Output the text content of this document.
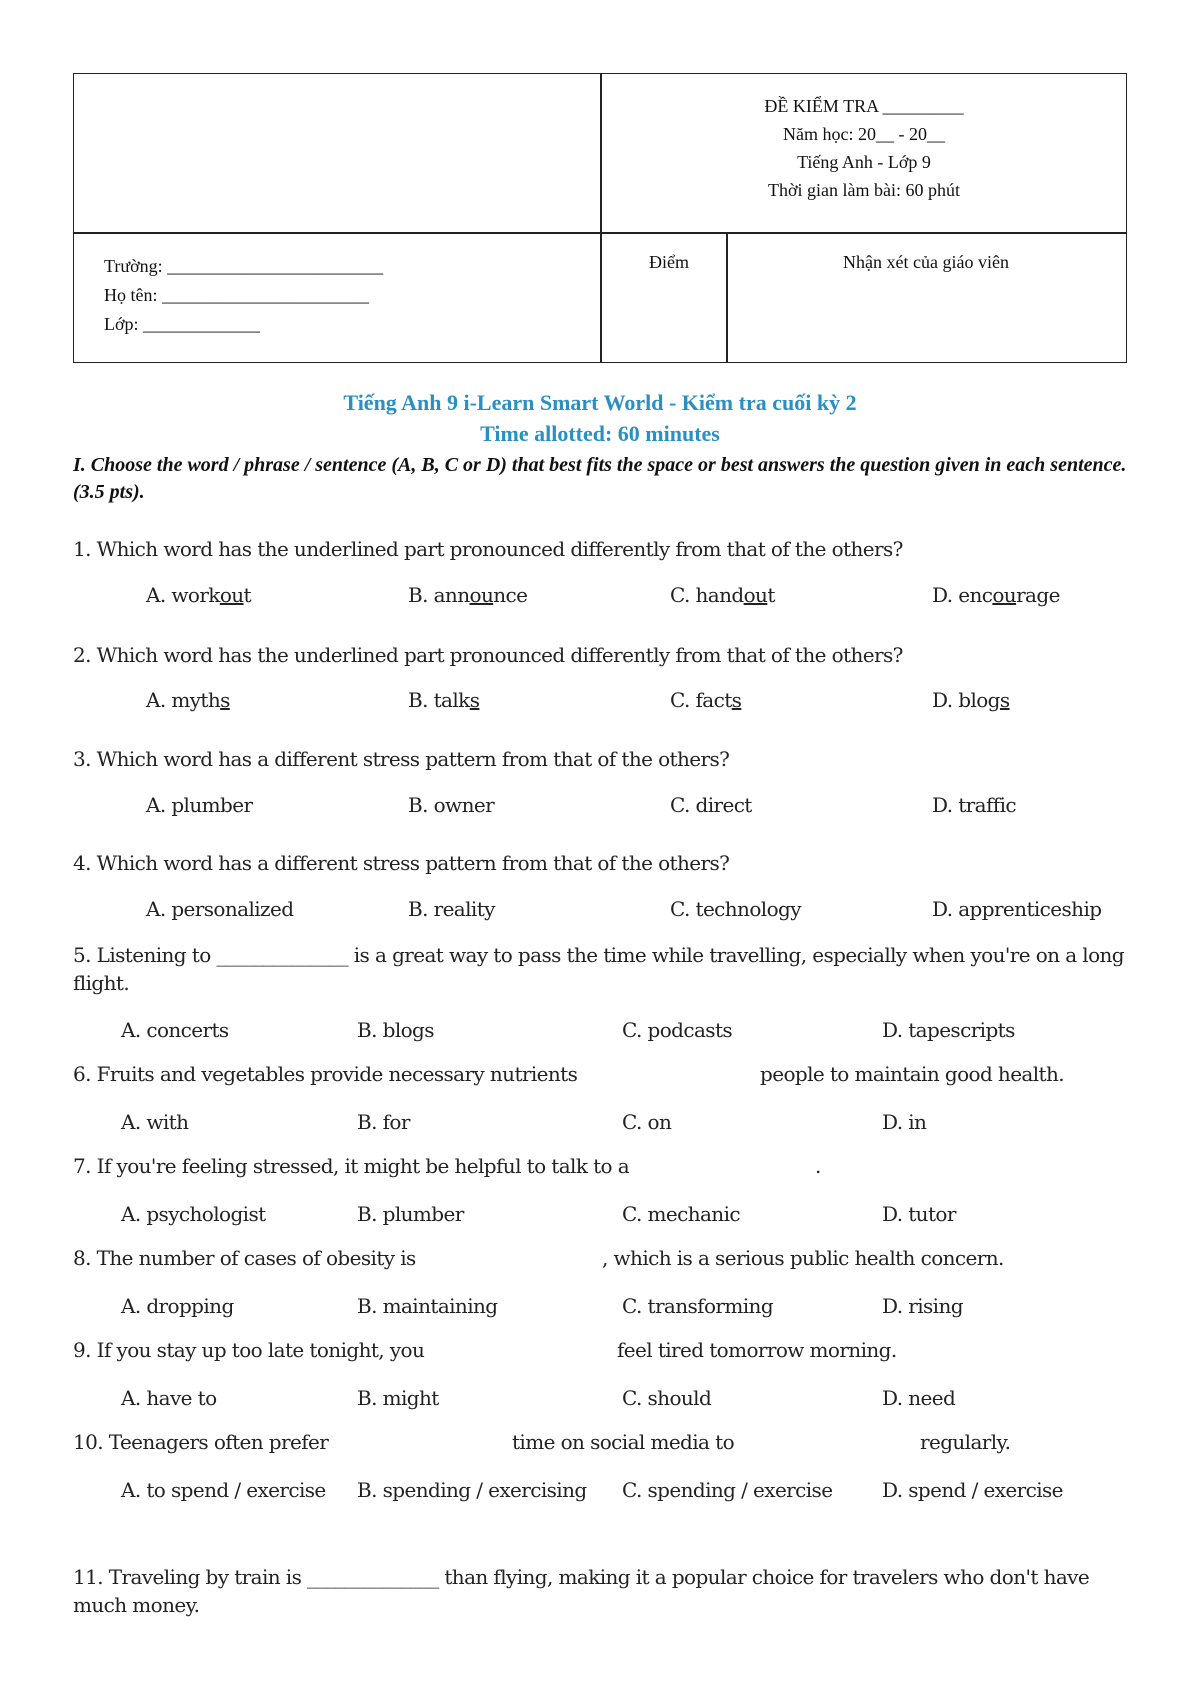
ĐỀ KIỂM TRA _________
Năm học: 20__ - 20__
Tiếng Anh - Lớp 9
Thời gian làm bài: 60 phút
Trường: ________________________
Họ tên: _______________________
Lớp: _____________
Điểm	Nhận xét của giáo viên
Tiếng Anh 9 i-Learn Smart World - Kiểm tra cuối kỳ 2
Time allotted: 60 minutes
I. Choose the word / phrase / sentence (A, B, C or D) that best fits the space or best answers the question given in each sentence. (3.5 pts).
1. Which word has the underlined part pronounced differently from that of the others?
A. workout	B. announce	C. handout	D. encourage
2. Which word has the underlined part pronounced differently from that of the others?
A. myths	B. talks	C. facts	D. blogs
3. Which word has a different stress pattern from that of the others?
A. plumber	B. owner	C. direct	D. traffic
4. Which word has a different stress pattern from that of the others?
A. personalized	B. reality	C. technology	D. apprenticeship
5. Listening to ______________ is a great way to pass the time while travelling, especially when you're on a long flight.
A. concerts	B. blogs	C. podcasts	D. tapescripts
6. Fruits and vegetables provide necessary nutrients	people to maintain good health.
A. with	B. for	C. on	D. in
7. If you're feeling stressed, it might be helpful to talk to a	.
A. psychologist	B. plumber	C. mechanic	D. tutor
8. The number of cases of obesity is	, which is a serious public health concern.
A. dropping	B. maintaining	C. transforming	D. rising
9. If you stay up too late tonight, you	feel tired tomorrow morning.
A. have to	B. might	C. should	D. need
10. Teenagers often prefer	time on social media to	regularly.
A. to spend / exercise B. spending / exercising C. spending / exercise D. spend / exercise
11. Traveling by train is ______________ than flying, making it a popular choice for travelers who don't have much money.
